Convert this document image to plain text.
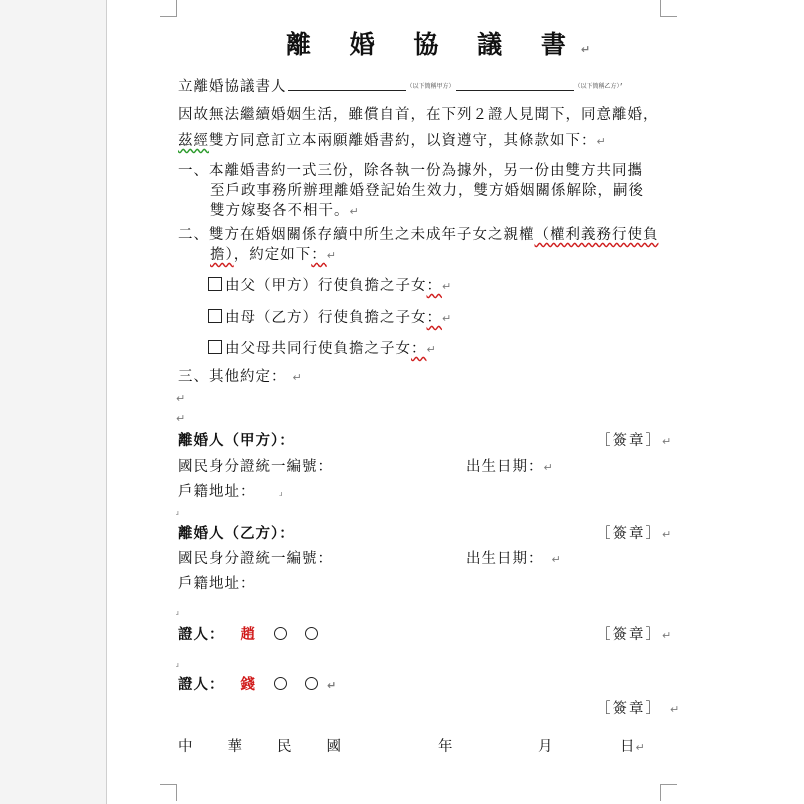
離 婚 協 議 書↵
立離婚協議書人	（以下簡稱甲方）	（以下簡稱乙方）’
因故無法繼續婚姻生活，雖償自首，在下列２證人見聞下，同意離婚，
茲經雙方同意訂立本兩願離婚書約，以資遵守，其條款如下：↵
一、本離婚書約一式三份，除各執一份為據外，另一份由雙方共同攜
至戶政事務所辦理離婚登記始生效力，雙方婚姻關係解除，嗣後
雙方嫁娶各不相干。↵
二、雙方在婚姻關係存續中所生之未成年子女之親權（權利義務行使負
擔），約定如下：↵
由父（甲方）行使負擔之子女：↵
由母（乙方）行使負擔之子女：↵
由父母共同行使負擔之子女：↵
三、其他約定： ↵
↵
↵
離婚人（甲方）：	［簽章］↵
國民身分證統一編號：	出生日期：↵
戶籍地址：	ɹ
ɹ
離婚人（乙方）：	［簽章］↵
國民身分證統一編號：	出生日期： ↵
戶籍地址：
ɹ
證人： 趙	［簽章］↵
ɹ
證人： 錢	↵
［簽章］ ↵
中　　華　　民　　國	年	月	日↵
